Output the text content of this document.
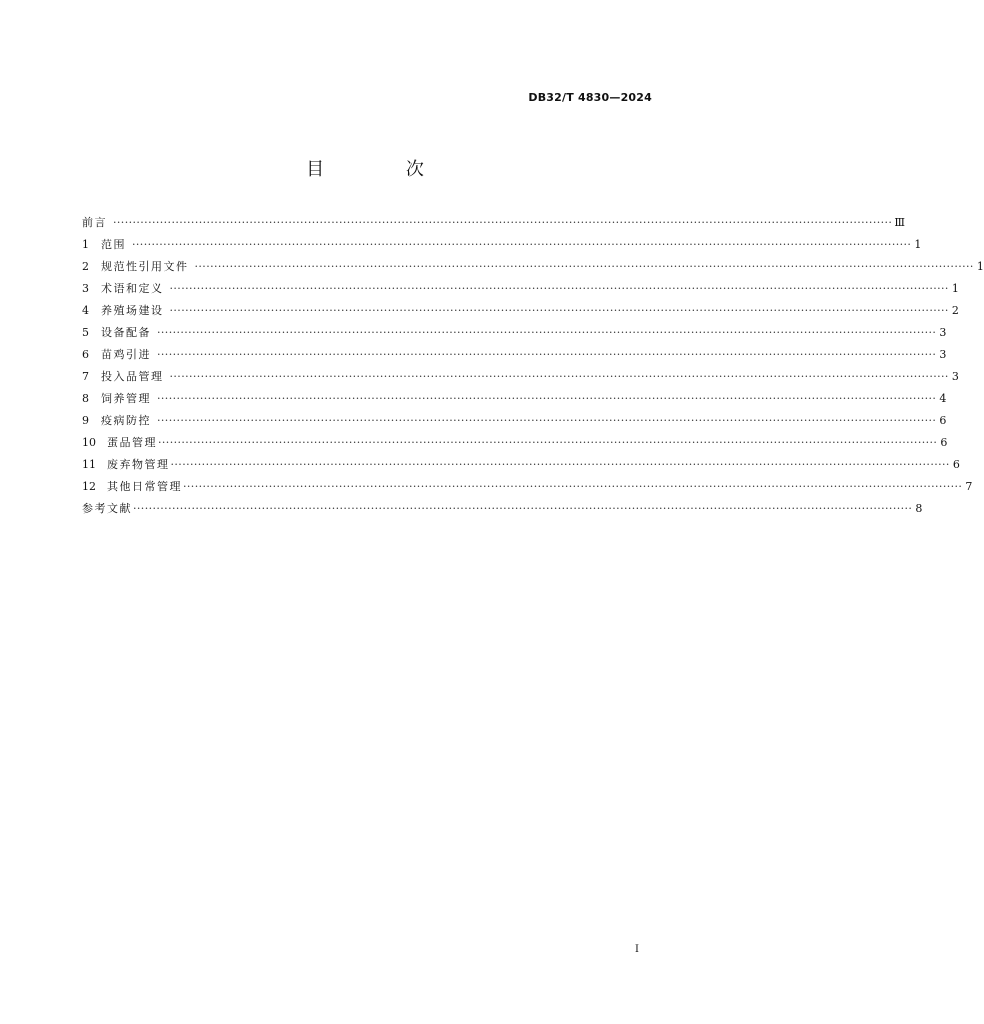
DB32/T 4830—2024
目 次
前言 ········································································································································································································ Ⅲ
1	范围 ········································································································································································································ 1
2	规范性引用文件 ········································································································································································································ 1
3	术语和定义 ········································································································································································································ 1
4	养殖场建设 ········································································································································································································ 2
5	设备配备 ········································································································································································································ 3
6	苗鸡引进 ········································································································································································································ 3
7	投入品管理 ········································································································································································································ 3
8	饲养管理 ········································································································································································································ 4
9	疫病防控 ········································································································································································································ 6
10	蛋品管理 ········································································································································································································ 6
11	废弃物管理 ········································································································································································································ 6
12	其他日常管理 ········································································································································································································ 7
参考文献 ········································································································································································································ 8
I
